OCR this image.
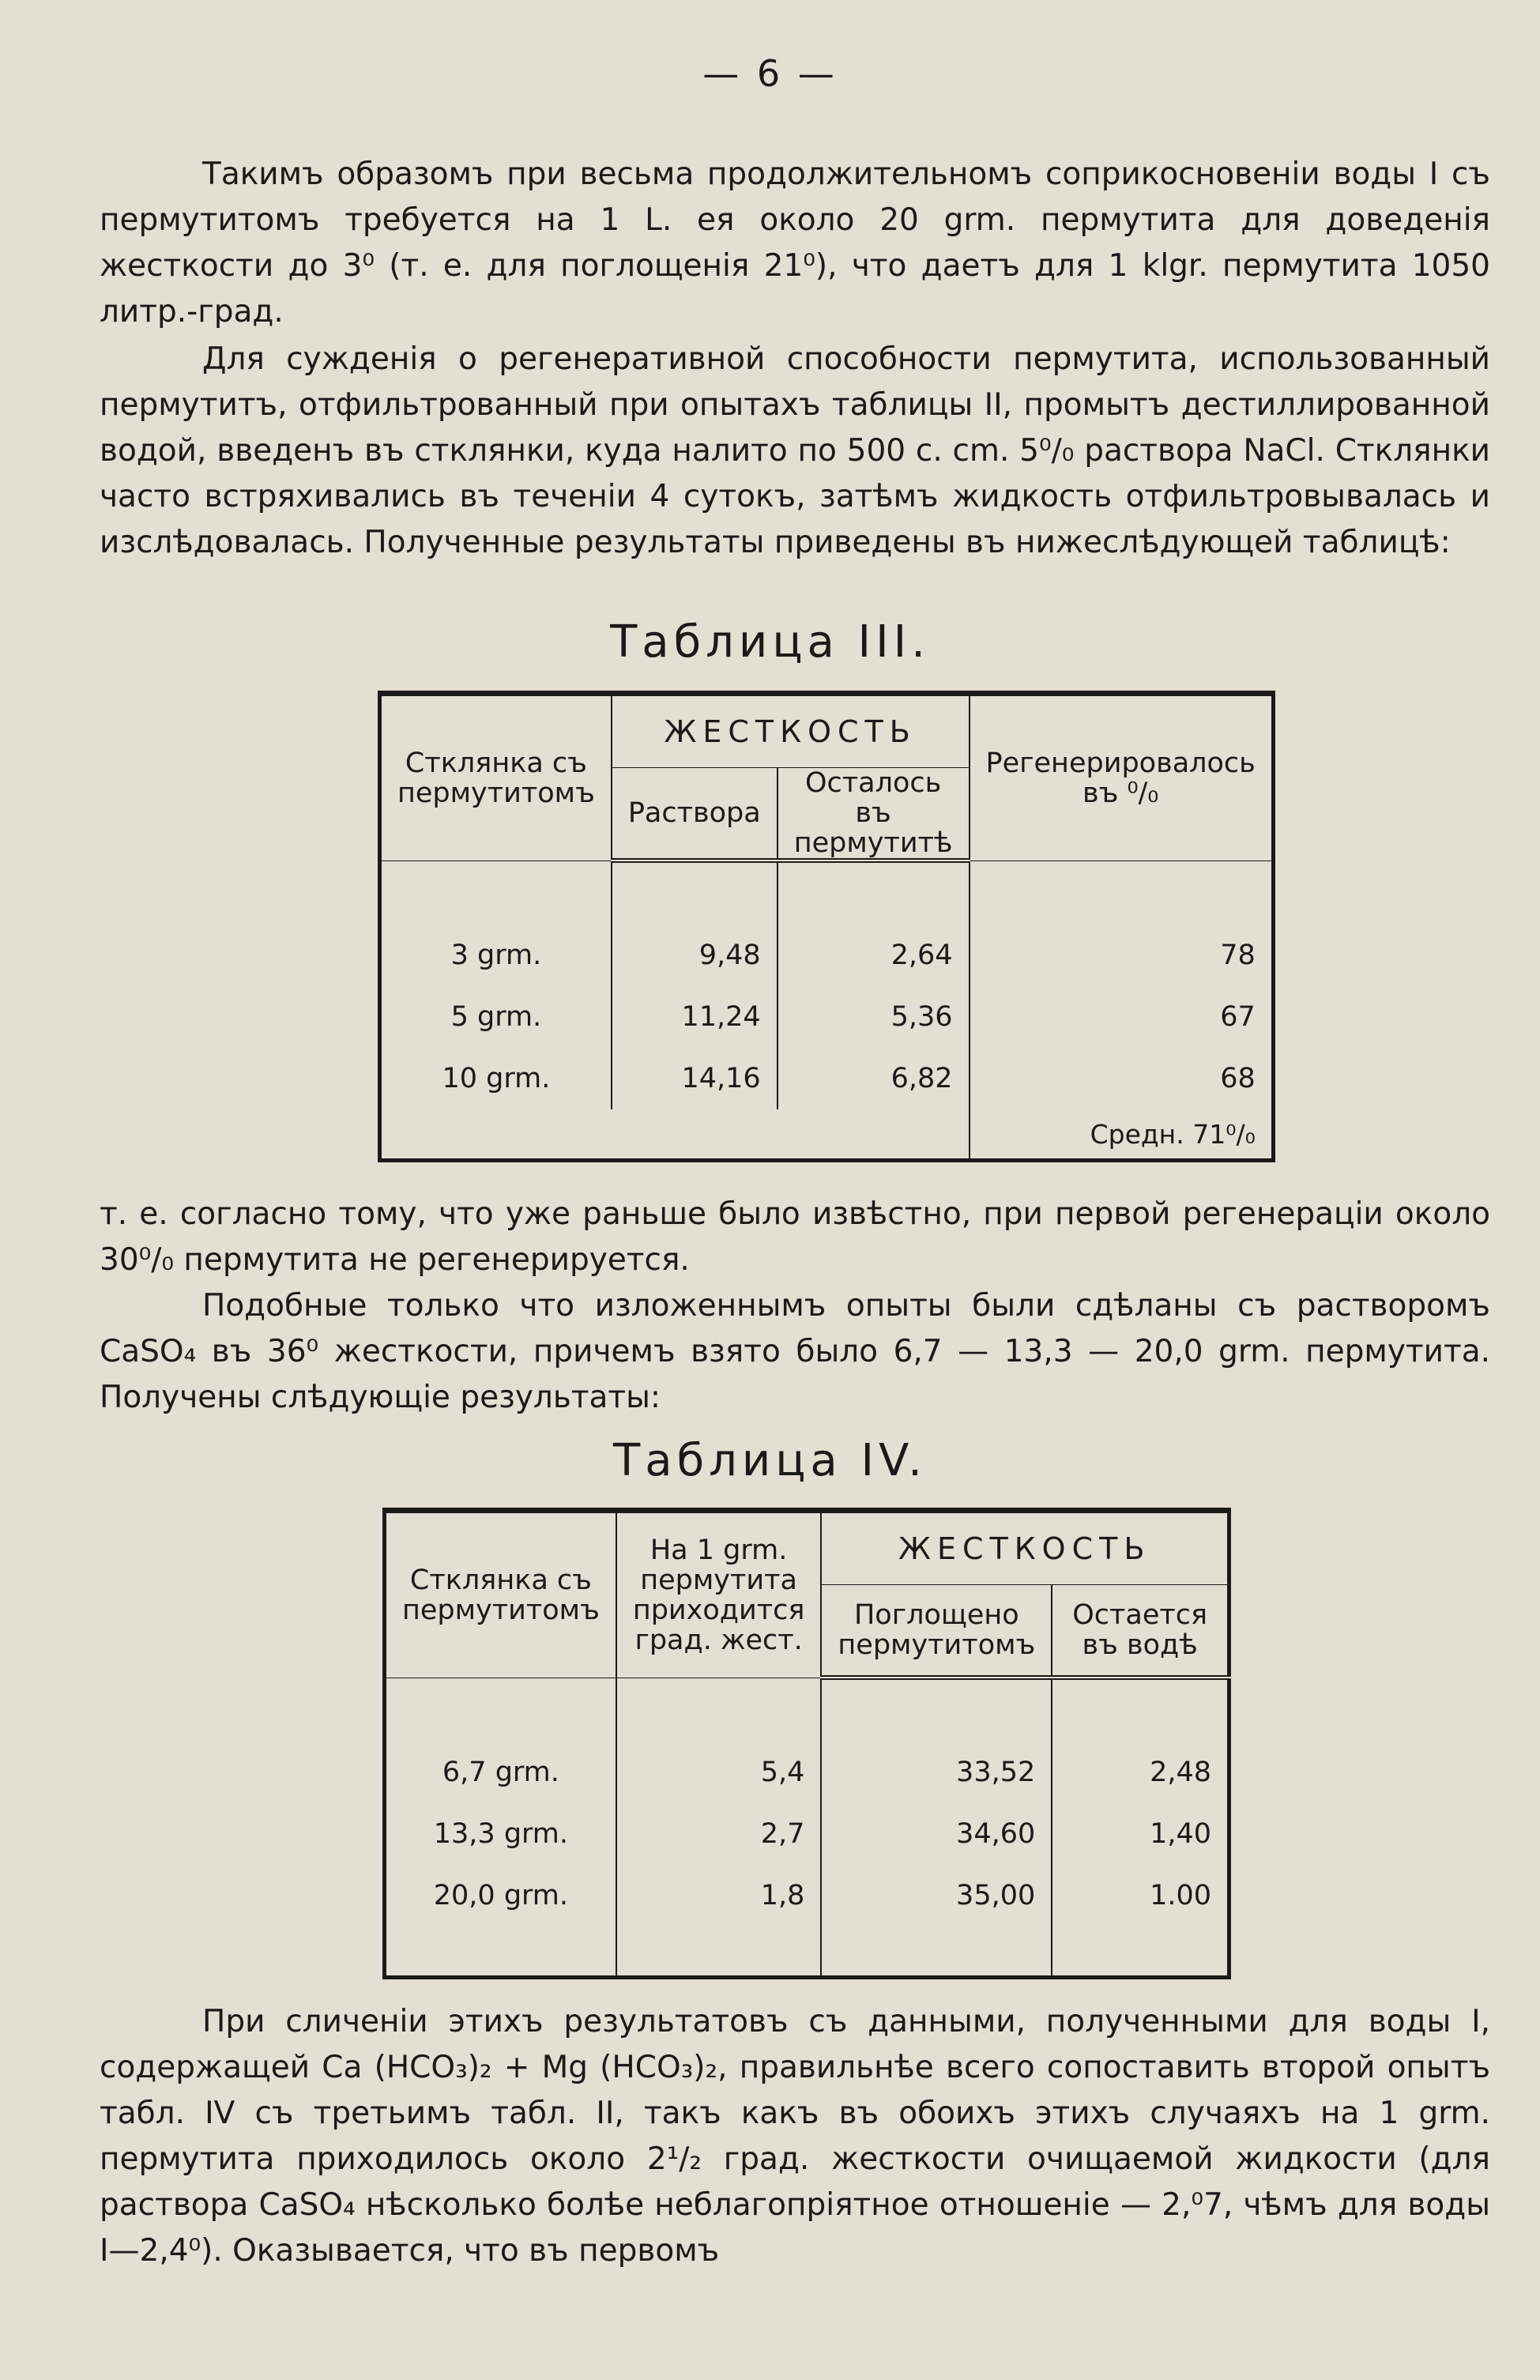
— 6 —

Такимъ образомъ при весьма продолжительномъ соприкосновенiи воды I съ пермутитомъ требуется на 1 L. ея около 20 grm. пермутита для доведенiя жесткости до 3⁰ (т. е. для поглощенiя 21⁰), что даетъ для 1 klgr. пермутита 1050 литр.-град.

Для сужденiя о регенеративной способности пермутита, использованный пермутитъ, отфильтрованный при опытахъ таблицы II, промытъ дестиллированной водой, введенъ въ стклянки, куда налито по 500 с. cm. 5⁰/₀ раствора NaCl. Стклянки часто встряхивались въ теченiи 4 сутокъ, затѣмъ жидкость отфильтровывалась и изслѣдовалась. Полученные результаты приведены въ нижеслѣдующей таблицѣ:

Таблица III.
Стклянка съ пермутитомъ	ЖЕСТКОСТЬ		Регенерировалось въ ⁰/₀
	Раствора	Осталось въ пермутитѣ	

3 grm.	9,48	2,64	78
5 grm.	11,24	5,36	67
10 grm.	14,16	6,82	68
			Средн. 71⁰/₀

т. е. согласно тому, что уже раньше было извѣстно, при первой регенерацiи около 30⁰/₀ пермутита не регенерируется.

Подобные только что изложеннымъ опыты были сдѣланы съ растворомъ CaSO₄ въ 36⁰ жесткости, причемъ взято было 6,7 — 13,3 — 20,0 grm. пермутита. Получены слѣдующiе результаты:

Таблица IV.
Стклянка съ пермутитомъ	На 1 grm. пермутита приходится град. жест.	ЖЕСТКОСТЬ	
		Поглощено пермутитомъ	Остается въ водѣ

6,7 grm.	5,4	33,52	2,48
13,3 grm.	2,7	34,60	1,40
20,0 grm.	1,8	35,00	1.00

При сличенiи этихъ результатовъ съ данными, полученными для воды I, содержащей Ca (HCO₃)₂ + Mg (HCO₃)₂, правильнѣе всего сопоставить второй опытъ табл. IV съ третьимъ табл. II, такъ какъ въ обоихъ этихъ случаяхъ на 1 grm. пермутита приходилось около 2¹/₂ град. жесткости очищаемой жидкости (для раствора CaSO₄ нѣсколько болѣе неблагопрiятное отношенiе — 2,⁰7, чѣмъ для воды I—2,4⁰). Оказывается, что въ первомъ
